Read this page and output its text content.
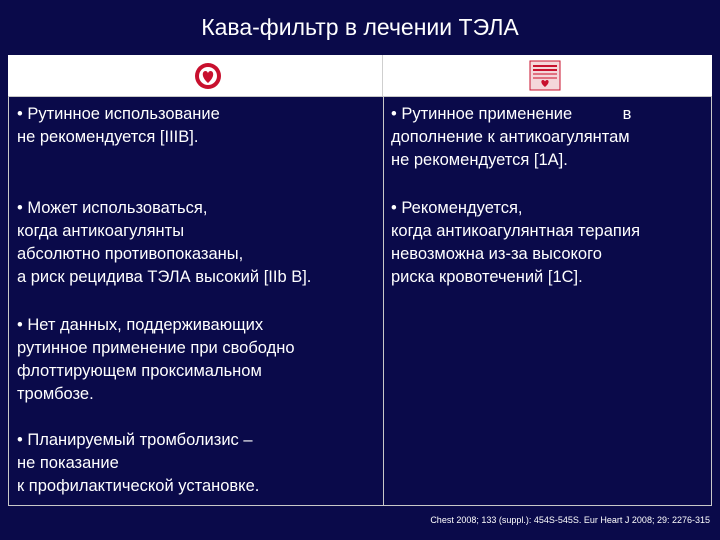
Кава-фильтр в лечении ТЭЛА
• Рутинное использование
не рекомендуется [IIIB].
• Может использоваться,
когда антикоагулянты
абсолютно противопоказаны,
а риск рецидива ТЭЛА высокий [IIb B].
• Нет данных, поддерживающих
рутинное применение при свободно
флоттирующем проксимальном
тромбозе.
• Планируемый тромболизис –
не показание
к профилактической установке.
• Рутинное применение           в
дополнение к антикоагулянтам
не рекомендуется [1А].
• Рекомендуется,
когда антикоагулянтная терапия
невозможна из-за высокого
риска кровотечений [1С].
Chest 2008; 133 (suppl.): 454S-545S. Eur Heart J 2008; 29: 2276-315
